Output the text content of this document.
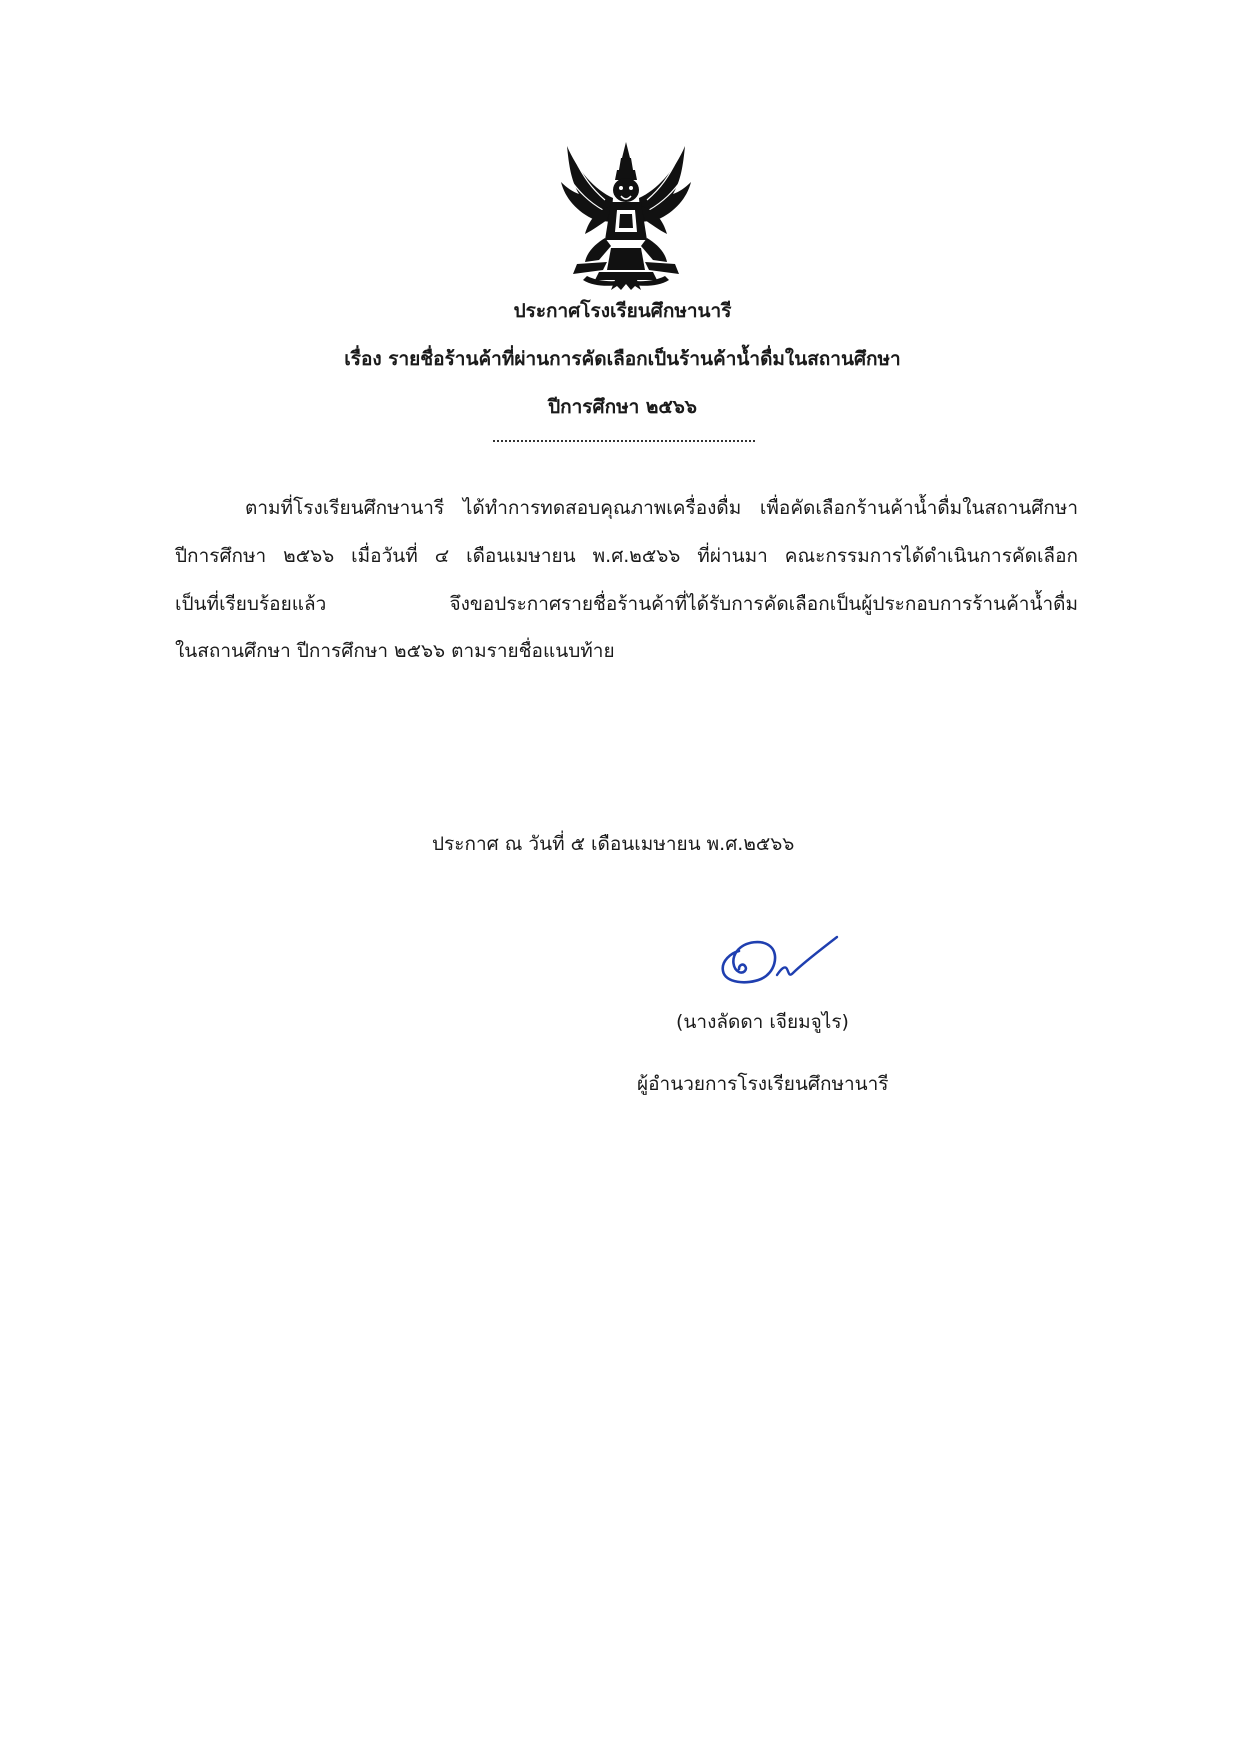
ประกาศโรงเรียนศึกษานารี
เรื่อง รายชื่อร้านค้าที่ผ่านการคัดเลือกเป็นร้านค้าน้ำดื่มในสถานศึกษา
ปีการศึกษา ๒๕๖๖
ตามที่โรงเรียนศึกษานารี ได้ทำการทดสอบคุณภาพเครื่องดื่ม เพื่อคัดเลือกร้านค้าน้ำดื่มในสถานศึกษา
ปีการศึกษา ๒๕๖๖ เมื่อวันที่ ๔ เดือนเมษายน พ.ศ.๒๕๖๖ ที่ผ่านมา คณะกรรมการได้ดำเนินการคัดเลือก
เป็นที่เรียบร้อยแล้ว จึงขอประกาศรายชื่อร้านค้าที่ได้รับการคัดเลือกเป็นผู้ประกอบการร้านค้าน้ำดื่ม
ในสถานศึกษา ปีการศึกษา ๒๕๖๖ ตามรายชื่อแนบท้าย
ประกาศ ณ วันที่ ๕ เดือนเมษายน พ.ศ.๒๕๖๖
(นางลัดดา เจียมจูไร)
ผู้อำนวยการโรงเรียนศึกษานารี
